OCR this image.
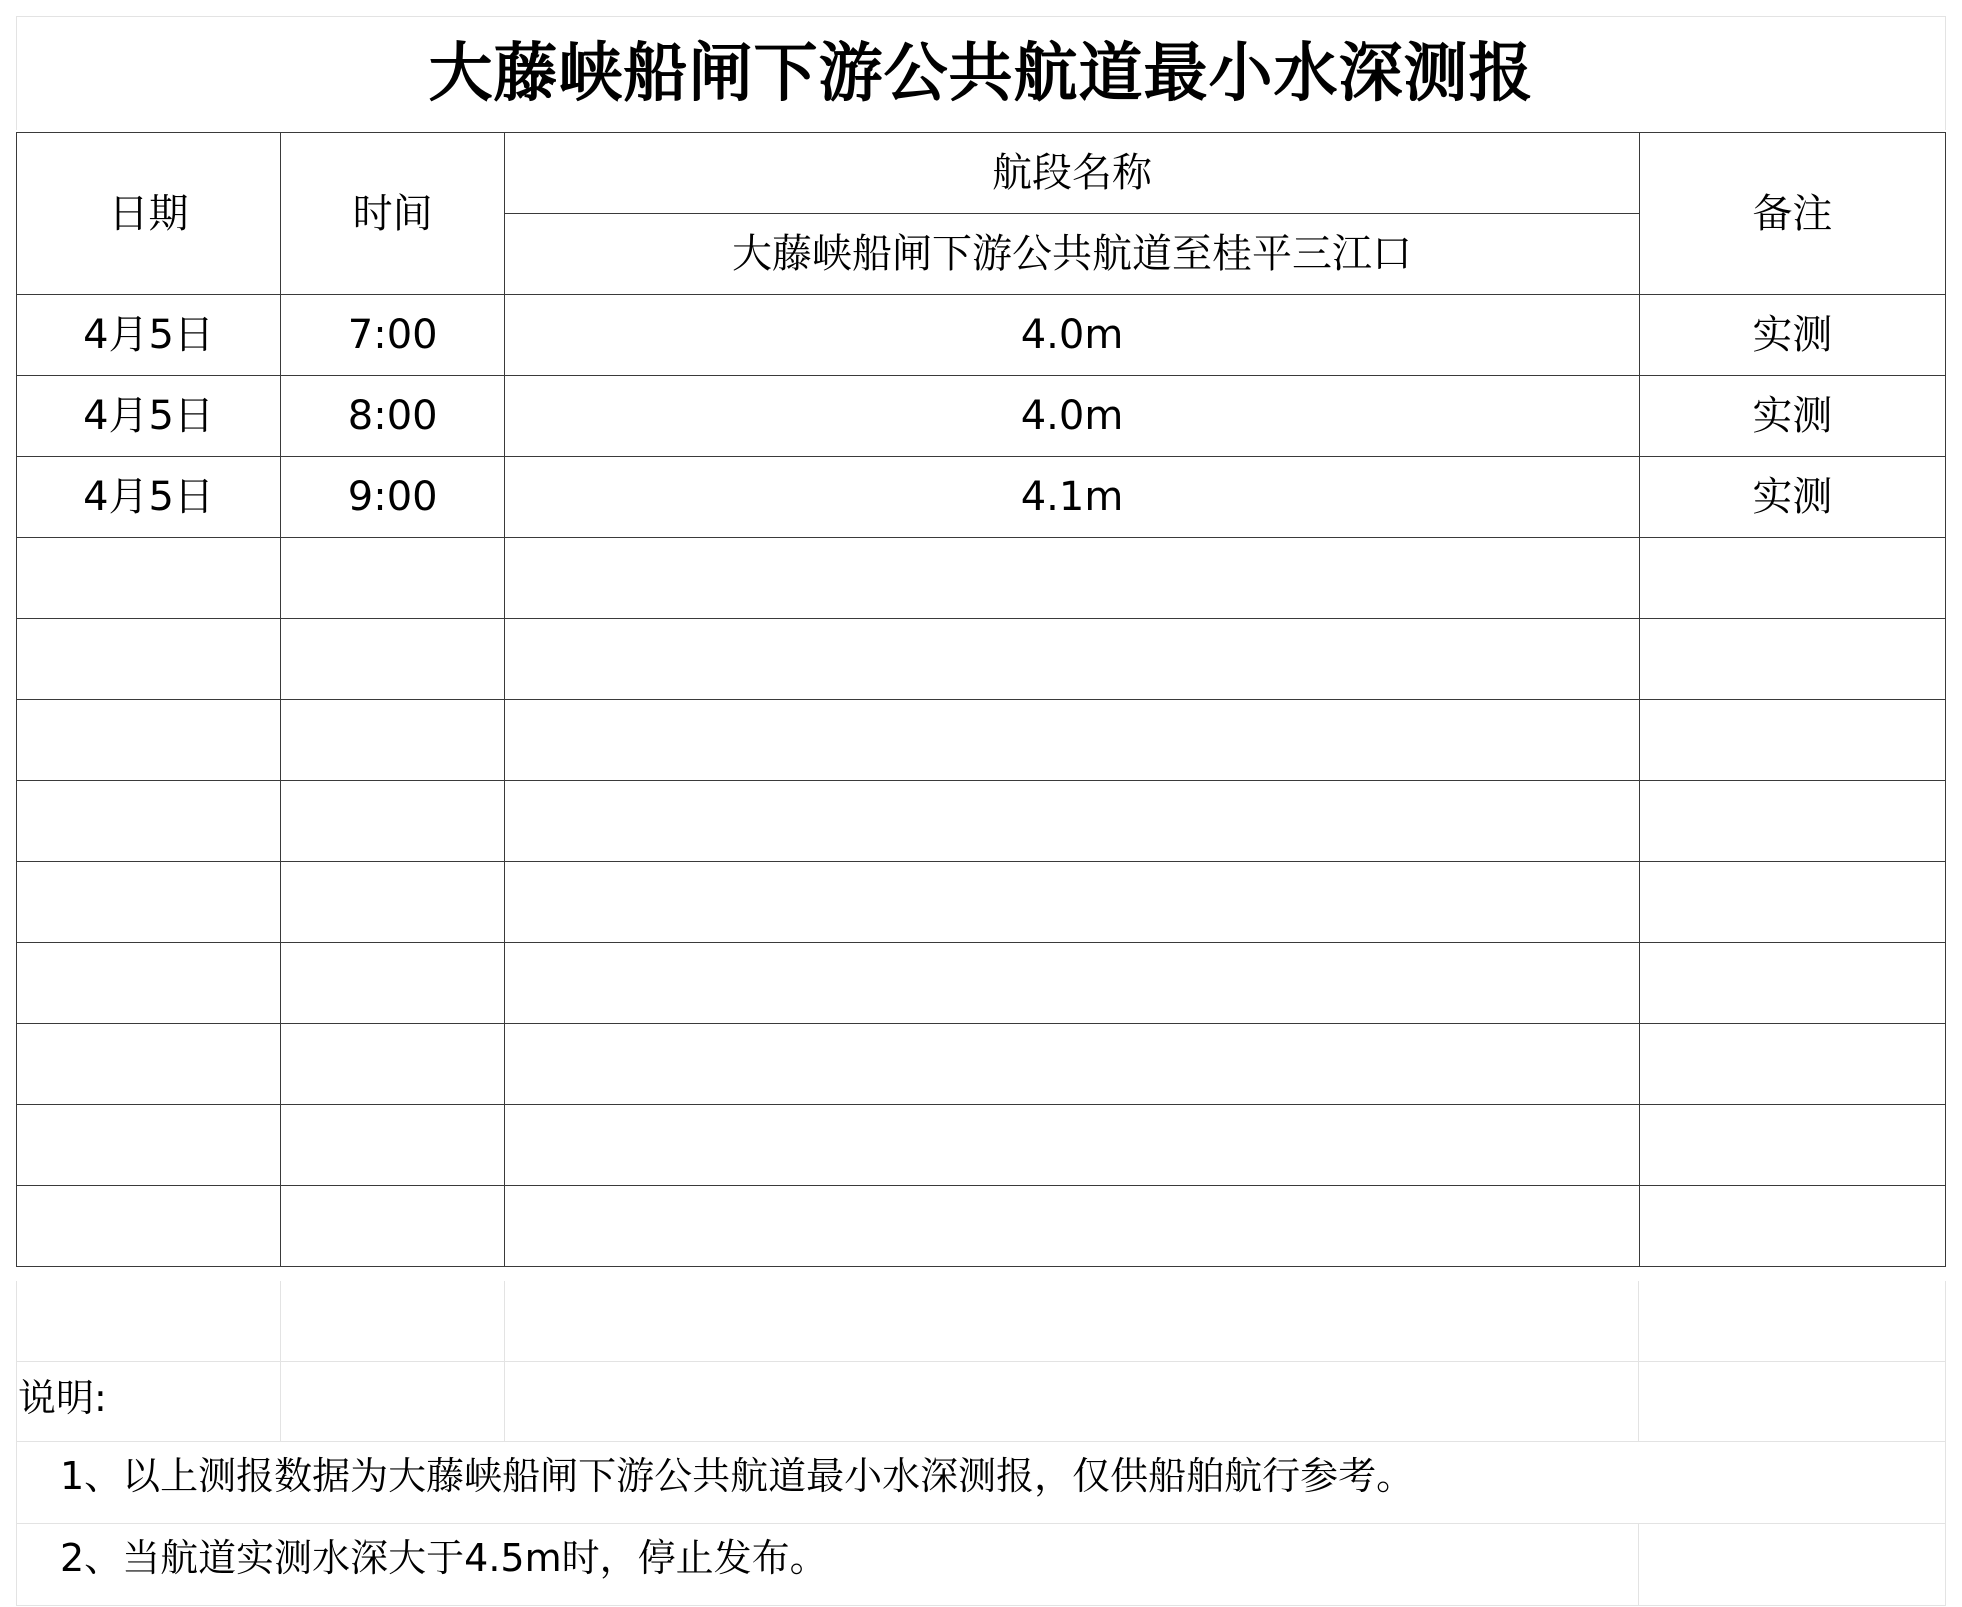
大藤峡船闸下游公共航道最小水深测报
日期	时间	航段名称	备注
		大藤峡船闸下游公共航道至桂平三江口	
4月5日	7:00	4.0m	实测
4月5日	8:00	4.0m	实测
4月5日	9:00	4.1m	实测

说明:
1、以上测报数据为大藤峡船闸下游公共航道最小水深测报，仅供船舶航行参考。
2、当航道实测水深大于4.5m时，停止发布。
